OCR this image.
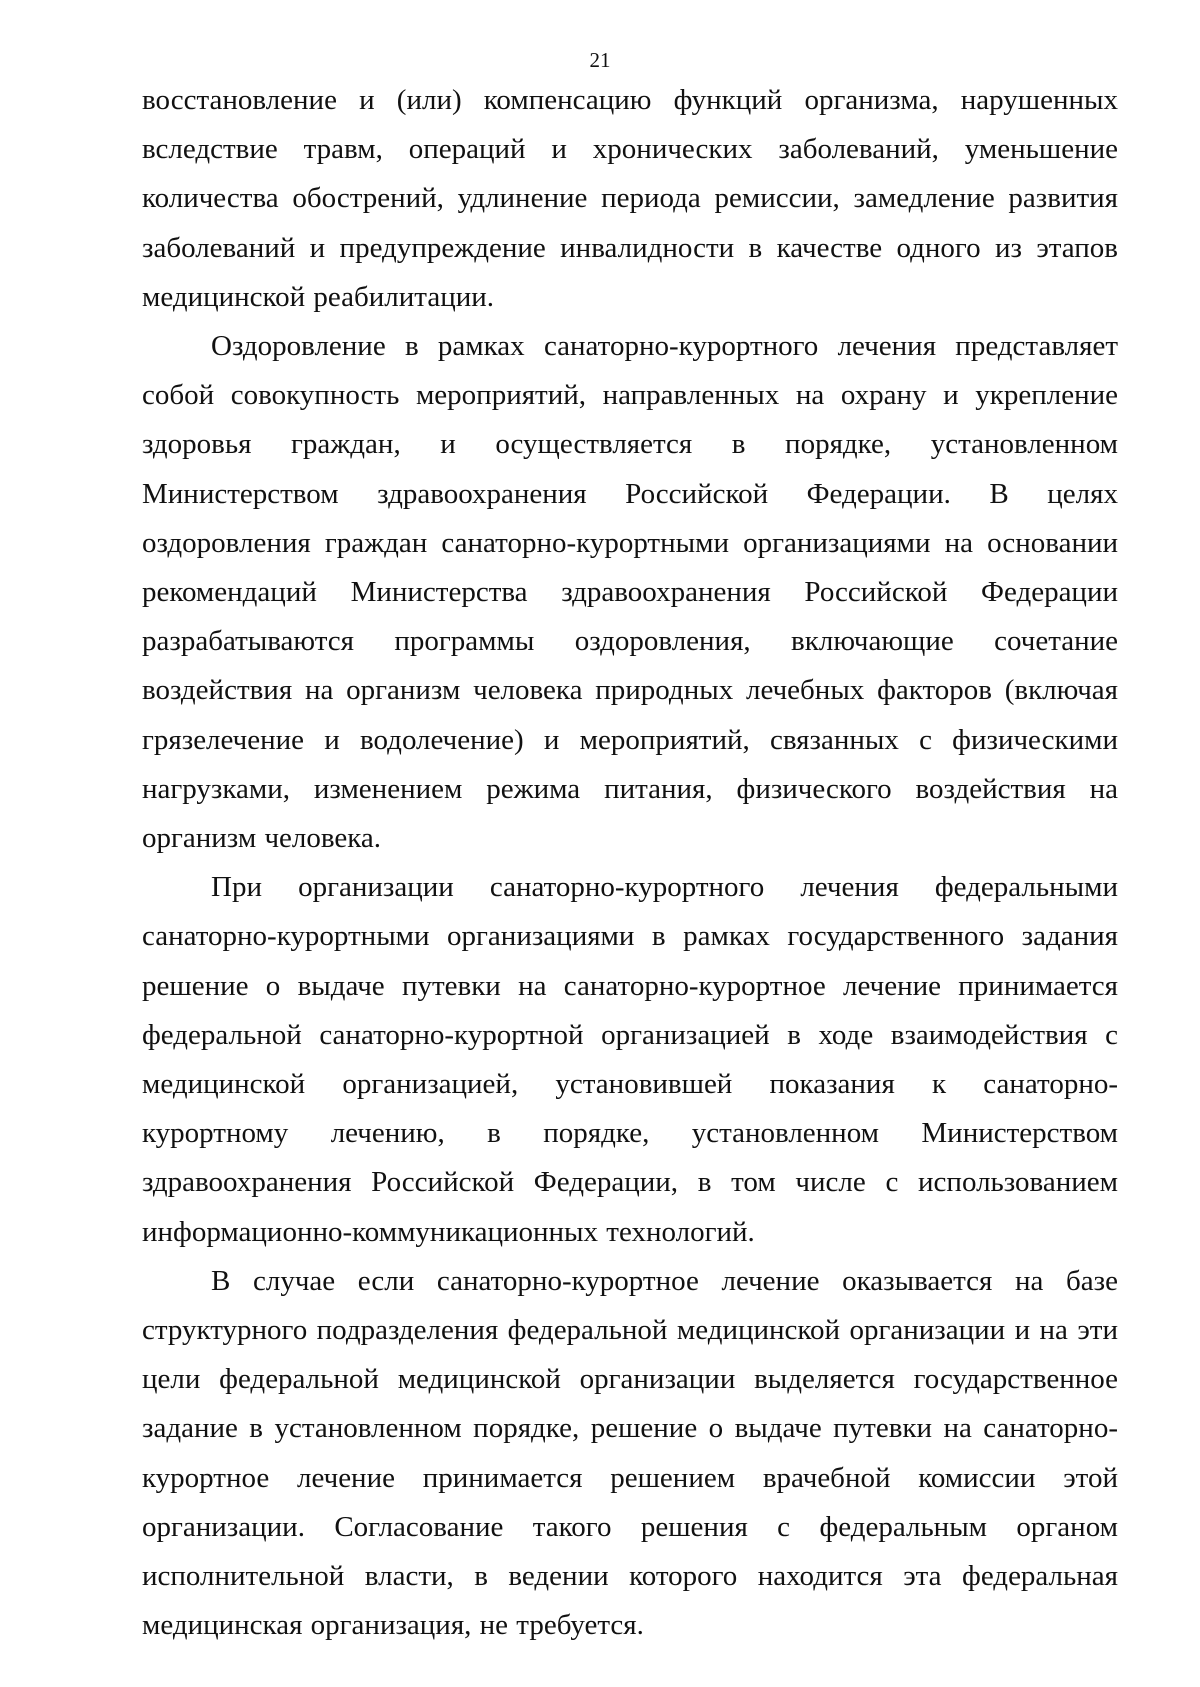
21

восстановление и (или) компенсацию функций организма, нарушенных вследствие травм, операций и хронических заболеваний, уменьшение количества обострений, удлинение периода ремиссии, замедление развития заболеваний и предупреждение инвалидности в качестве одного из этапов медицинской реабилитации.

Оздоровление в рамках санаторно-курортного лечения представляет собой совокупность мероприятий, направленных на охрану и укрепление здоровья граждан, и осуществляется в порядке, установленном Министерством здравоохранения Российской Федерации. В целях оздоровления граждан санаторно-курортными организациями на основании рекомендаций Министерства здравоохранения Российской Федерации разрабатываются программы оздоровления, включающие сочетание воздействия на организм человека природных лечебных факторов (включая грязелечение и водолечение) и мероприятий, связанных с физическими нагрузками, изменением режима питания, физического воздействия на организм человека.

При организации санаторно-курортного лечения федеральными санаторно-курортными организациями в рамках государственного задания решение о выдаче путевки на санаторно-курортное лечение принимается федеральной санаторно-курортной организацией в ходе взаимодействия с медицинской организацией, установившей показания к санаторно-курортному лечению, в порядке, установленном Министерством здравоохранения Российской Федерации, в том числе с использованием информационно-коммуникационных технологий.

В случае если санаторно-курортное лечение оказывается на базе структурного подразделения федеральной медицинской организации и на эти цели федеральной медицинской организации выделяется государственное задание в установленном порядке, решение о выдаче путевки на санаторно-курортное лечение принимается решением врачебной комиссии этой организации. Согласование такого решения с федеральным органом исполнительной власти, в ведении которого находится эта федеральная медицинская организация, не требуется.
